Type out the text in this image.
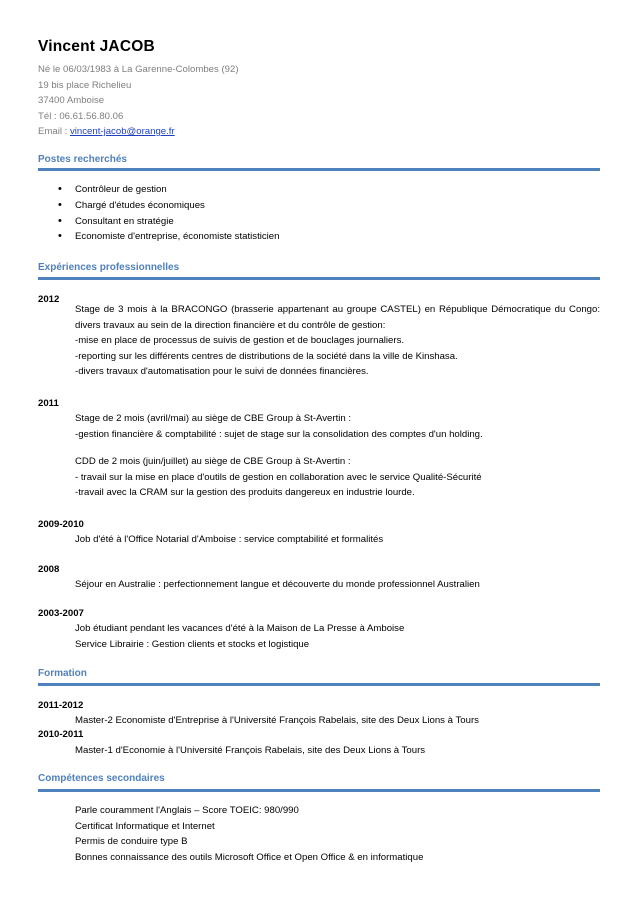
Vincent JACOB
Né le 06/03/1983 à La Garenne-Colombes (92)
19 bis place Richelieu
37400 Amboise
Tél : 06.61.56.80.06
Email : vincent-jacob@orange.fr
Postes recherchés
• Contrôleur de gestion
• Chargé d'études économiques
• Consultant en stratégie
• Economiste d'entreprise, économiste statisticien
Expériences professionnelles
2012
Stage de 3 mois à la BRACONGO (brasserie appartenant au groupe CASTEL) en République Démocratique du Congo: divers travaux au sein de la direction financière et du contrôle de gestion:
-mise en place de processus de suivis de gestion et de bouclages journaliers.
-reporting sur les différents centres de distributions de la société dans la ville de Kinshasa.
-divers travaux d'automatisation pour le suivi de données financières.
2011
Stage de 2 mois (avril/mai) au siège de CBE Group à St-Avertin :
-gestion financière & comptabilité : sujet de stage sur la consolidation des comptes d'un holding.
CDD de 2 mois (juin/juillet) au siège de CBE Group à St-Avertin :
- travail sur la mise en place d'outils de gestion en collaboration avec le service Qualité-Sécurité
-travail avec la CRAM sur la gestion des produits dangereux en industrie lourde.
2009-2010
Job d'été à l'Office Notarial d'Amboise : service comptabilité et formalités
2008
Séjour en Australie : perfectionnement langue et découverte du monde professionnel Australien
2003-2007
Job étudiant pendant les vacances d'été à la Maison de La Presse à Amboise
Service Librairie : Gestion clients et stocks et logistique
Formation
2011-2012
Master-2 Economiste d'Entreprise à l'Université François Rabelais, site des Deux Lions à Tours
2010-2011
Master-1 d'Economie à l'Université François Rabelais, site des Deux Lions à Tours
Compétences secondaires
Parle couramment l'Anglais – Score TOEIC: 980/990
Certificat Informatique et Internet
Permis de conduire type B
Bonnes connaissance des outils Microsoft Office et Open Office & en informatique
